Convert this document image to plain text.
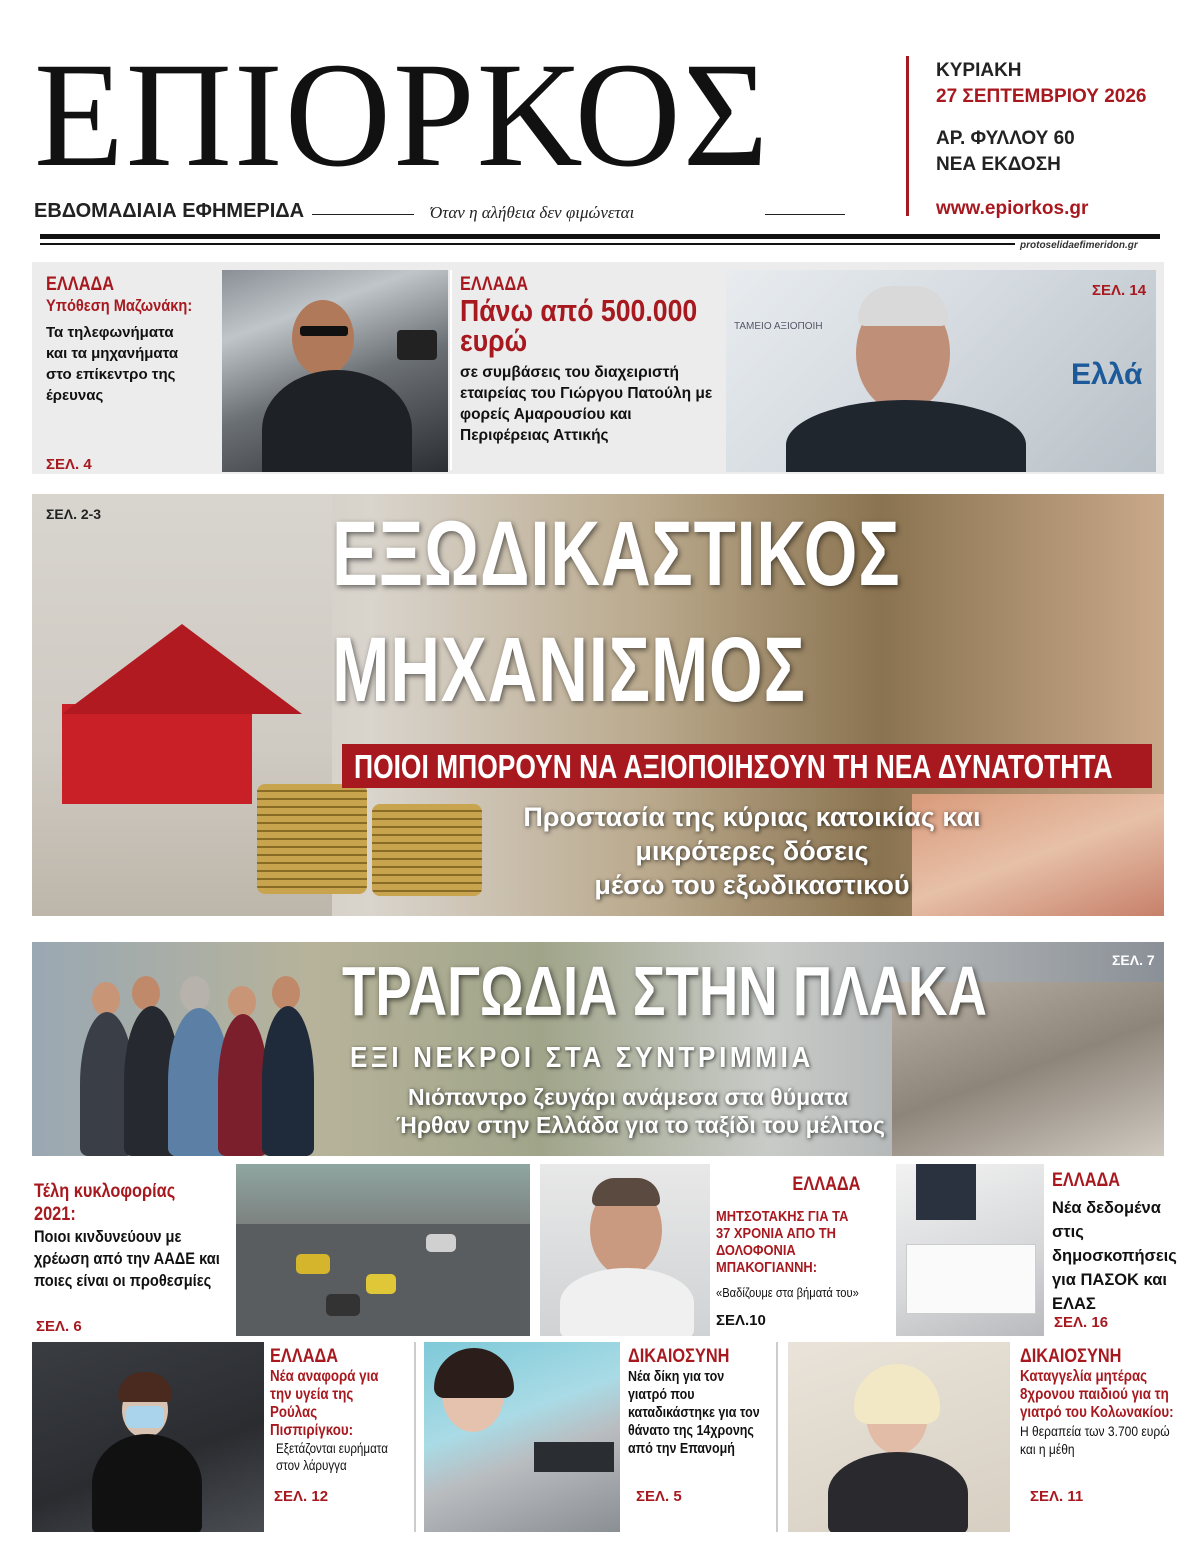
ΕΠΙΟΡΚΟΣ
ΕΒΔΟΜΑΔΙΑΙΑ ΕΦΗΜΕΡΙΔΑ	Όταν η αλήθεια δεν φιμώνεται
ΚΥΡΙΑΚΗ
27 ΣΕΠΤΕΜΒΡΙΟΥ 2026
ΑΡ. ΦΥΛΛΟΥ 60
ΝΕΑ ΕΚΔΟΣΗ
www.epiorkos.gr
protoselidaefimeridon.gr
ΕΛΛΑΔΑ
Υπόθεση Μαζωνάκη:
Τα τηλεφωνήματα και τα μηχανήματα στο επίκεντρο της έρευνας
ΣΕΛ. 4
ΕΛΛΑΔΑ
Πάνω από 500.000 ευρώ
σε συμβάσεις του διαχειριστή εταιρείας του Γιώργου Πατούλη με φορείς Αμαρουσίου και Περιφέρειας Αττικής
ΤΑΜΕΙΟ ΑΞΙΟΠΟΙΗ
Ελλά
ΣΕΛ. 14
ΣΕΛ. 2-3	ΕΞΩΔΙΚΑΣΤΙΚΟΣ
ΜΗΧΑΝΙΣΜΟΣ
ΠΟΙΟΙ ΜΠΟΡΟΥΝ ΝΑ ΑΞΙΟΠΟΙΗΣΟΥΝ ΤΗ ΝΕΑ ΔΥΝΑΤΟΤΗΤΑ
Προστασία της κύριας κατοικίας και
μικρότερες δόσεις
μέσω του εξωδικαστικού
ΤΡΑΓΩΔΙΑ ΣΤΗΝ ΠΛΑΚΑ
ΕΞΙ ΝΕΚΡΟΙ ΣΤΑ ΣΥΝΤΡΙΜΜΙΑ
Νιόπαντρο ζευγάρι ανάμεσα στα θύματα
Ήρθαν στην Ελλάδα για το ταξίδι του μέλιτος
ΣΕΛ. 7
Τέλη κυκλοφορίας 2021:
Ποιοι κινδυνεύουν με χρέωση από την ΑΑΔΕ και ποιες είναι οι προθεσμίες
ΣΕΛ. 6
ΕΛΛΑΔΑ
ΜΗΤΣΟΤΑΚΗΣ ΓΙΑ ΤΑ 37 ΧΡΟΝΙΑ ΑΠΟ ΤΗ ΔΟΛΟΦΟΝΙΑ ΜΠΑΚΟΓΙΑΝΝΗ:
«Βαδίζουμε στα βήματά του»
ΣΕΛ.10
ΕΛΛΑΔΑ
Νέα δεδομένα στις δημοσκοπήσεις για ΠΑΣΟΚ και ΕΛΑΣ
ΣΕΛ. 16
ΕΛΛΑΔΑ
Νέα αναφορά για την υγεία της Ρούλας Πισπιρίγκου:
Εξετάζονται ευρήματα στον λάρυγγα
ΣΕΛ. 12
ΔΙΚΑΙΟΣΥΝΗ
Νέα δίκη για τον γιατρό που καταδικάστηκε για τον θάνατο της 14χρονης από την Επανομή
ΣΕΛ. 5
ΔΙΚΑΙΟΣΥΝΗ
Καταγγελία μητέρας 8χρονου παιδιού για τη γιατρό του Κολωνακίου:
Η θεραπεία των 3.700 ευρώ και η μέθη
ΣΕΛ. 11
